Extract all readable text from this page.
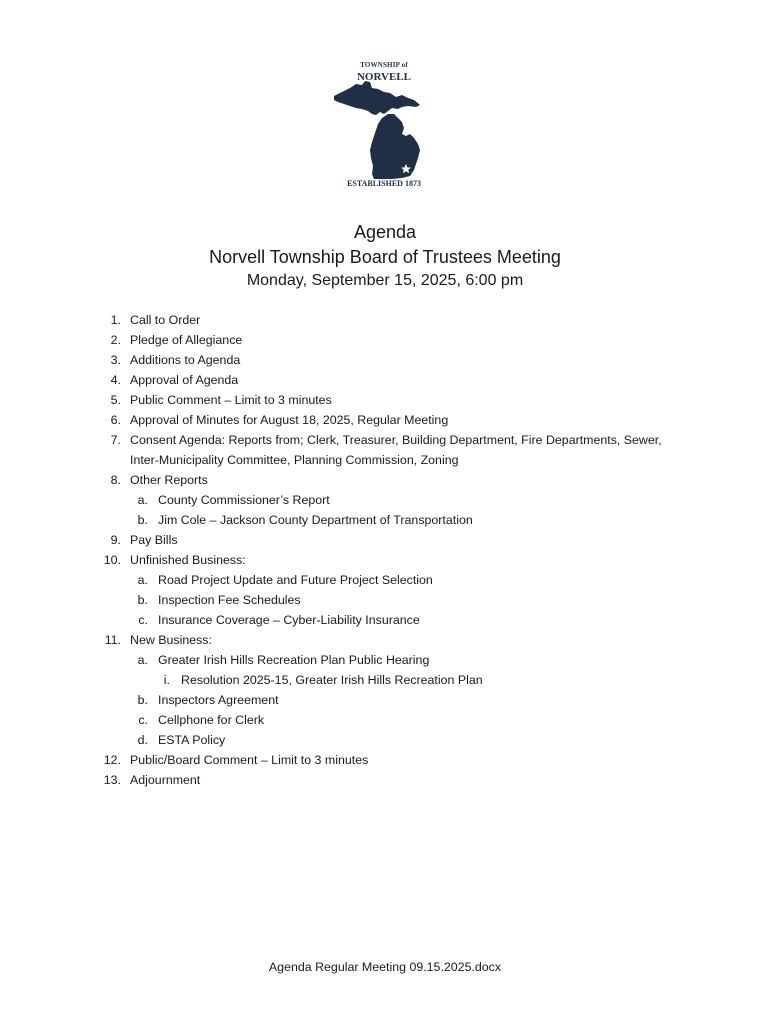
TOWNSHIP of
NORVELL
ESTABLISHED 1873
Agenda
Norvell Township Board of Trustees Meeting
Monday, September 15, 2025, 6:00 pm
1. Call to Order
2. Pledge of Allegiance
3. Additions to Agenda
4. Approval of Agenda
5. Public Comment – Limit to 3 minutes
6. Approval of Minutes for August 18, 2025, Regular Meeting
7. Consent Agenda: Reports from; Clerk, Treasurer, Building Department, Fire Departments, Sewer,
Inter-Municipality Committee, Planning Commission, Zoning
8. Other Reports
a. County Commissioner’s Report
b. Jim Cole – Jackson County Department of Transportation
9. Pay Bills
10. Unfinished Business:
a. Road Project Update and Future Project Selection
b. Inspection Fee Schedules
c. Insurance Coverage – Cyber-Liability Insurance
11. New Business:
a. Greater Irish Hills Recreation Plan Public Hearing
i. Resolution 2025-15, Greater Irish Hills Recreation Plan
b. Inspectors Agreement
c. Cellphone for Clerk
d. ESTA Policy
12. Public/Board Comment – Limit to 3 minutes
13. Adjournment
Agenda Regular Meeting 09.15.2025.docx
